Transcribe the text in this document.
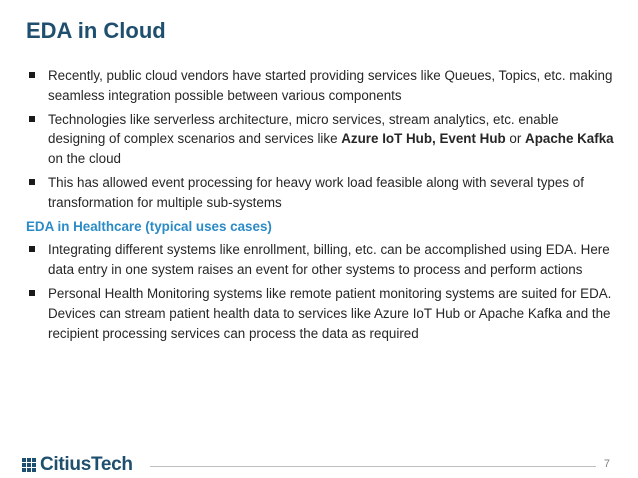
EDA in Cloud
Recently, public cloud vendors have started providing services like Queues, Topics, etc. making seamless integration possible between various components
Technologies like serverless architecture, micro services, stream analytics, etc. enable designing of complex scenarios and services like Azure IoT Hub, Event Hub or Apache Kafka on the cloud
This has allowed event processing for heavy work load feasible along with several types of transformation for multiple sub-systems
EDA in Healthcare (typical uses cases)
Integrating different systems like enrollment, billing, etc. can be accomplished using EDA. Here data entry in one system raises an event for other systems to process and perform actions
Personal Health Monitoring systems like remote patient monitoring systems are suited for EDA. Devices can stream patient health data to services like Azure IoT Hub or Apache Kafka and the recipient processing services can process the data as required
CitiusTech	7
